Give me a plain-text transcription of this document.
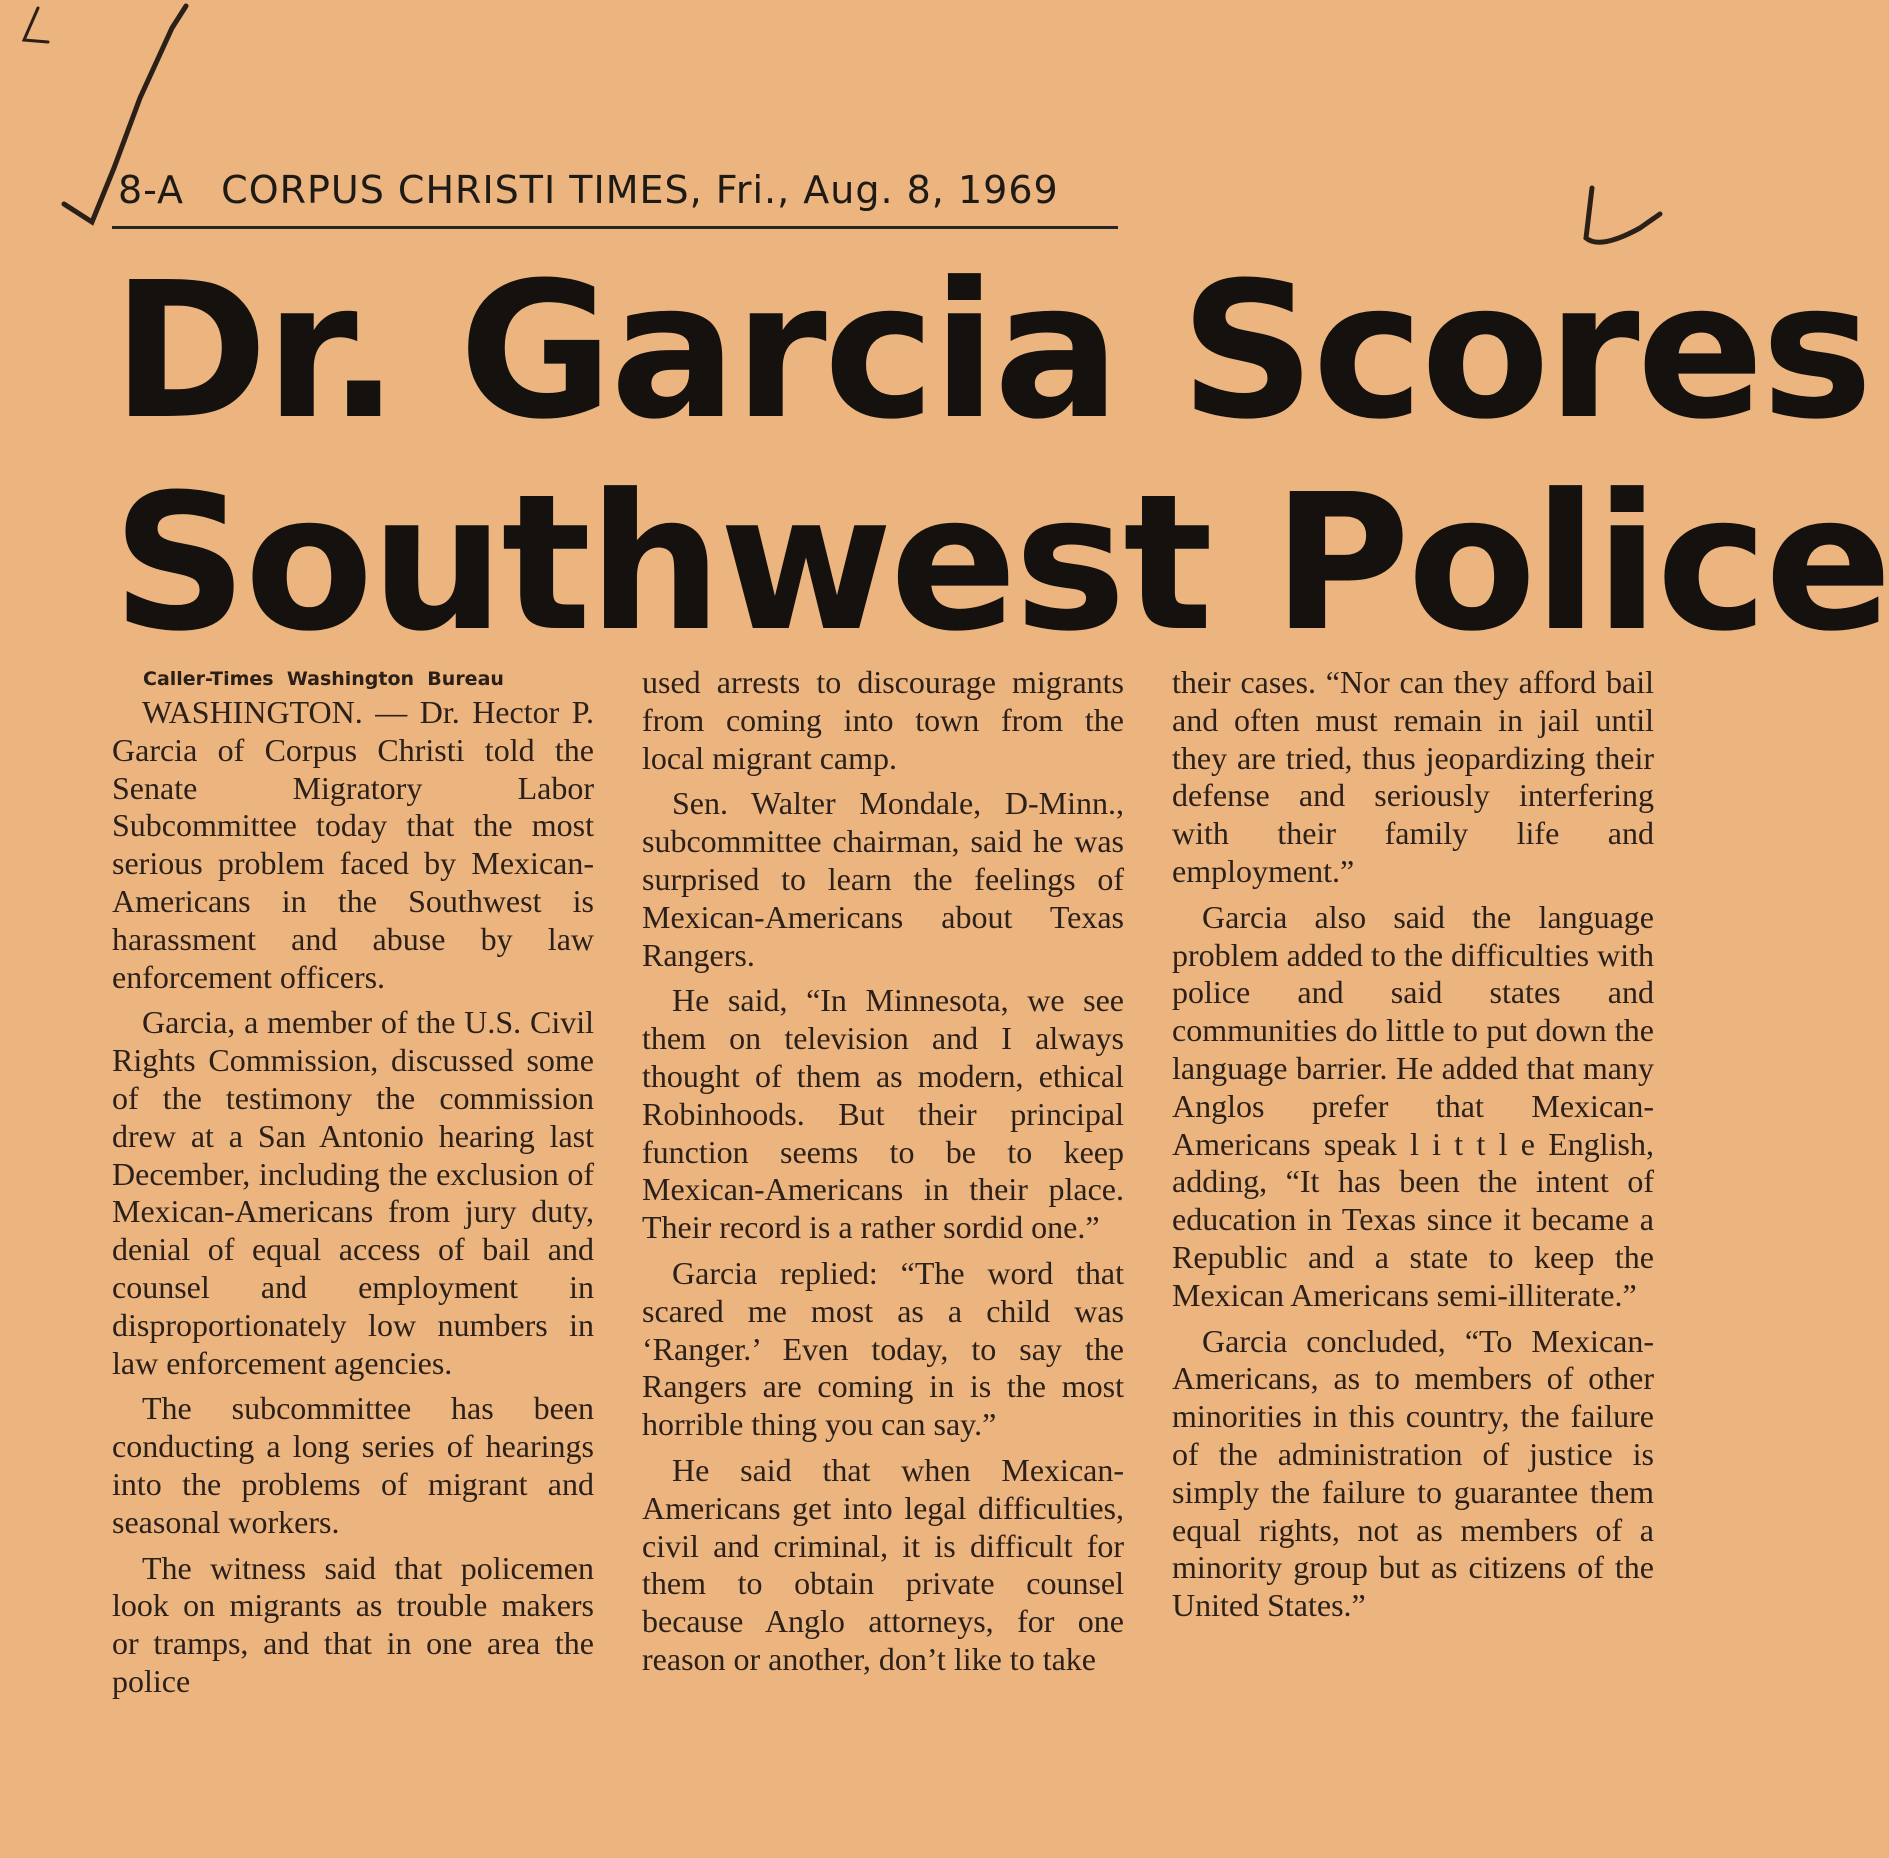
8-A CORPUS CHRISTI TIMES, Fri., Aug. 8, 1969
Dr. Garcia Scores
Southwest Police
Caller-Times  Washington  Bureau

WASHINGTON. — Dr. Hector P. Garcia of Corpus Christi told the Senate Migratory Labor Subcommittee today that the most serious problem faced by Mexican-Americans in the Southwest is harassment and abuse by law enforcement officers.

Garcia, a member of the U.S. Civil Rights Commission, discussed some of the testimony the commission drew at a San Antonio hearing last December, including the exclusion of Mexican-Americans from jury duty, denial of equal access of bail and counsel and employment in disproportionately low numbers in law enforcement agencies.

The subcommittee has been conducting a long series of hearings into the problems of migrant and seasonal workers.

The witness said that policemen look on migrants as trouble makers or tramps, and that in one area the police

used arrests to discourage migrants from coming into town from the local migrant camp.

Sen. Walter Mondale, D-Minn., subcommittee chairman, said he was surprised to learn the feelings of Mexican-Americans about Texas Rangers.

He said, “In Minnesota, we see them on television and I always thought of them as modern, ethical Robinhoods. But their principal function seems to be to keep Mexican-Americans in their place. Their record is a rather sordid one.”

Garcia replied: “The word that scared me most as a child was ‘Ranger.’ Even today, to say the Rangers are coming in is the most horrible thing you can say.”

He said that when Mexican-Americans get into legal difficulties, civil and criminal, it is difficult for them to obtain private counsel because Anglo attorneys, for one reason or another, don’t like to take

their cases. “Nor can they afford bail and often must remain in jail until they are tried, thus jeopardizing their defense and seriously interfering with their family life and employment.”

Garcia also said the language problem added to the difficulties with police and said states and communities do little to put down the language barrier. He added that many Anglos prefer that Mexican-Americans speak l i t t l e English, adding, “It has been the intent of education in Texas since it became a Republic and a state to keep the Mexican Americans semi-illiterate.”

Garcia concluded, “To Mexican-Americans, as to members of other minorities in this country, the failure of the administration of justice is simply the failure to guarantee them equal rights, not as members of a minority group but as citizens of the United States.”
